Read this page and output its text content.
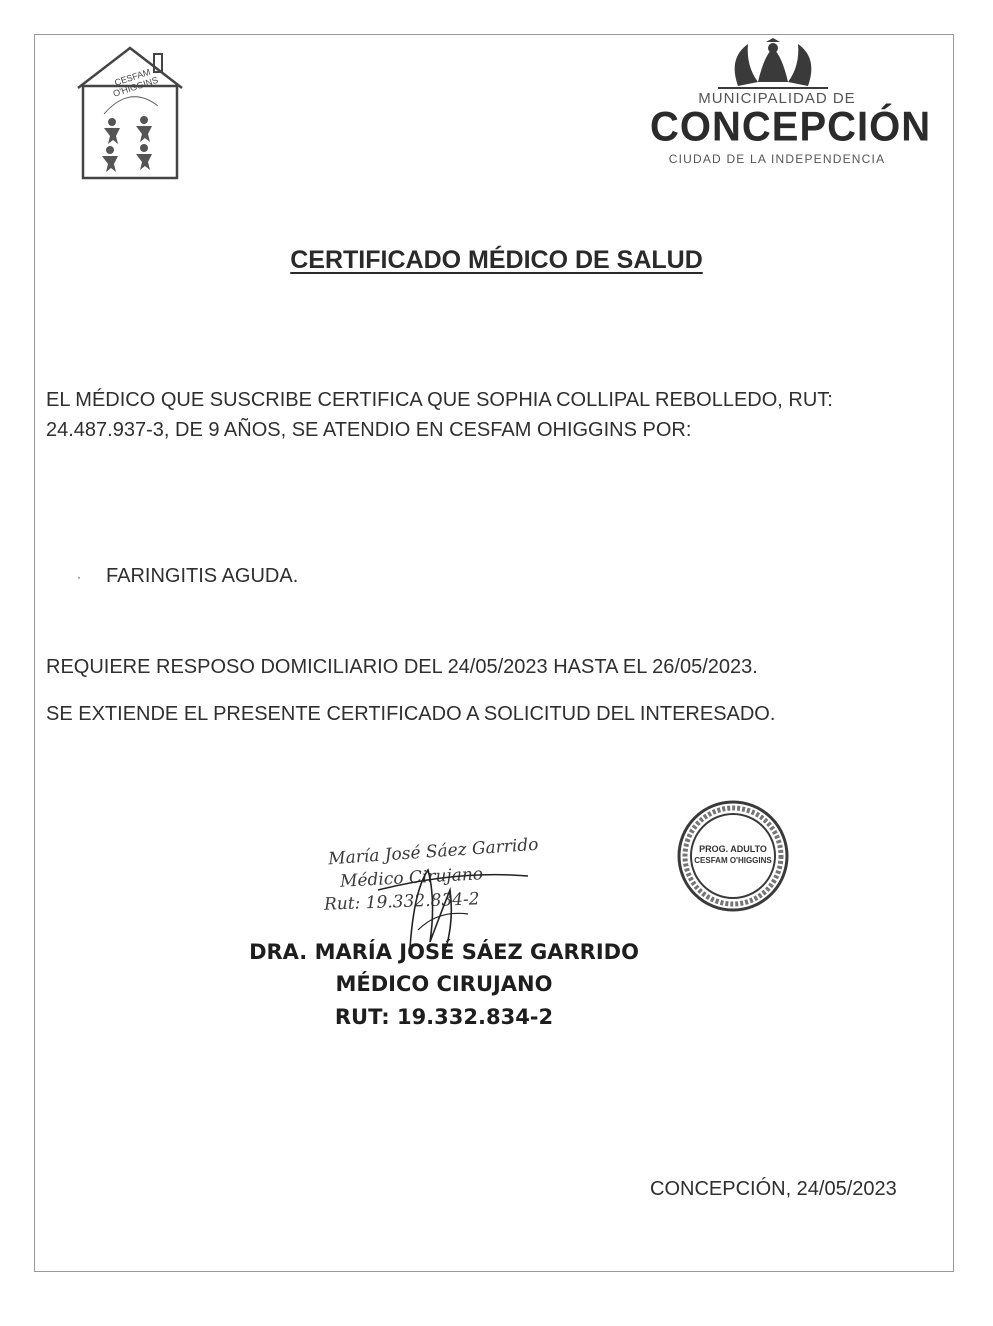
CESFAM O'HIGGINS	MUNICIPALIDAD DE
CONCEPCIÓN
CIUDAD DE LA INDEPENDENCIA
CERTIFICADO MÉDICO DE SALUD
EL MÉDICO QUE SUSCRIBE CERTIFICA QUE SOPHIA COLLIPAL REBOLLEDO, RUT: 24.487.937-3, DE 9 AÑOS, SE ATENDIO EN CESFAM OHIGGINS POR:
· FARINGITIS AGUDA.
REQUIERE RESPOSO DOMICILIARIO DEL 24/05/2023 HASTA EL 26/05/2023.
SE EXTIENDE EL PRESENTE CERTIFICADO A SOLICITUD DEL INTERESADO.
María José Sáez Garrido
Médico Cirujano
Rut: 19.332.834-2
PROG. ADULTO
CESFAM O'HIGGINS
DRA. MARÍA JOSÉ SÁEZ GARRIDO
MÉDICO CIRUJANO
RUT: 19.332.834-2
CONCEPCIÓN, 24/05/2023
